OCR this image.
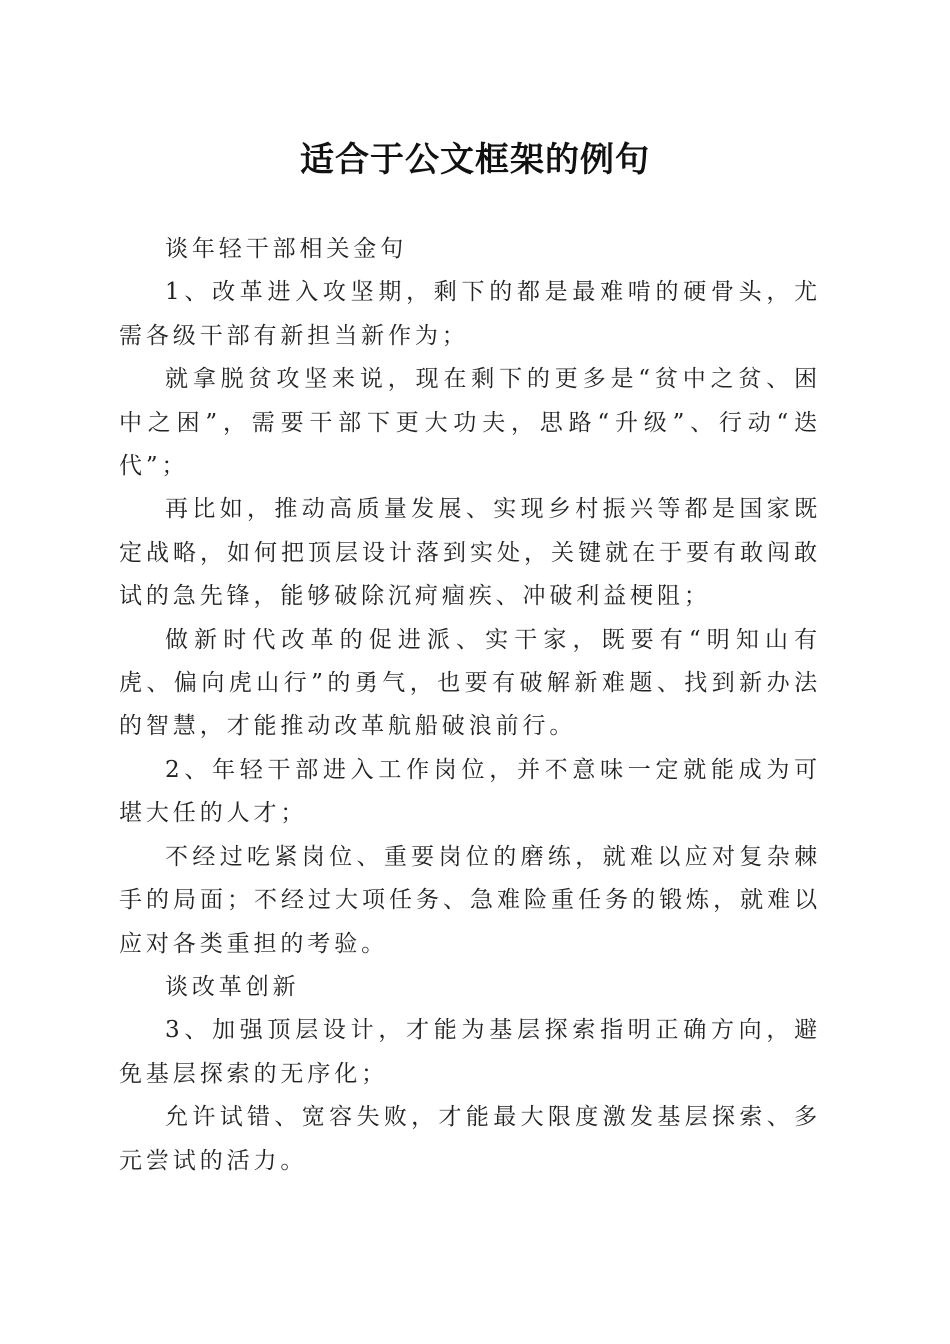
适合于公文框架的例句

谈年轻干部相关金句

1、改革进入攻坚期，剩下的都是最难啃的硬骨头，尤需各级干部有新担当新作为；

就拿脱贫攻坚来说，现在剩下的更多是“贫中之贫、困中之困”，需要干部下更大功夫，思路“升级”、行动“迭代”；

再比如，推动高质量发展、实现乡村振兴等都是国家既定战略，如何把顶层设计落到实处，关键就在于要有敢闯敢试的急先锋，能够破除沉疴痼疾、冲破利益梗阻；

做新时代改革的促进派、实干家，既要有“明知山有虎、偏向虎山行”的勇气，也要有破解新难题、找到新办法的智慧，才能推动改革航船破浪前行。

2、年轻干部进入工作岗位，并不意味一定就能成为可堪大任的人才；

不经过吃紧岗位、重要岗位的磨练，就难以应对复杂棘手的局面；不经过大项任务、急难险重任务的锻炼，就难以应对各类重担的考验。

谈改革创新

3、加强顶层设计，才能为基层探索指明正确方向，避免基层探索的无序化；

允许试错、宽容失败，才能最大限度激发基层探索、多元尝试的活力。
